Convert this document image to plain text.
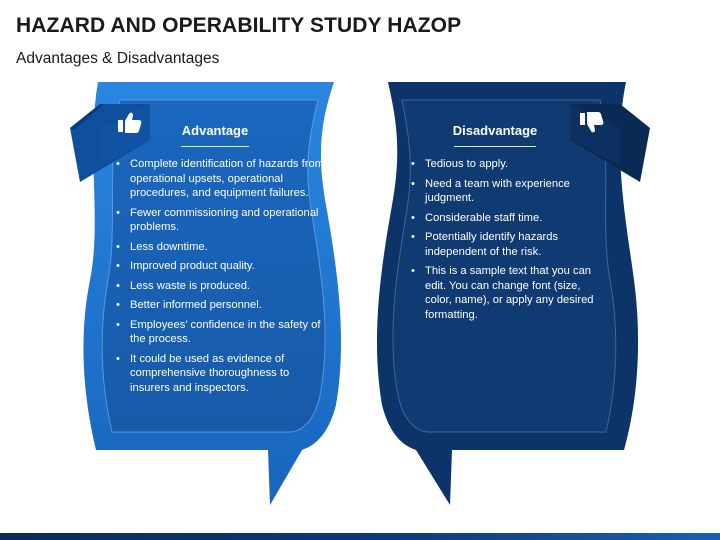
HAZARD AND OPERABILITY STUDY HAZOP
Advantages & Disadvantages
Advantage
• Complete identification of hazards from operational upsets, operational procedures, and equipment failures.
• Fewer commissioning and operational problems.
• Less downtime.
• Improved product quality.
• Less waste is produced.
• Better informed personnel.
• Employees’ confidence in the safety of the process.
• It could be used as evidence of comprehensive thoroughness to insurers and inspectors.
Disadvantage
• Tedious to apply.
• Need a team with experience judgment.
• Considerable staff time.
• Potentially identify hazards independent of the risk.
• This is a sample text that you can edit. You can change font (size, color, name), or apply any desired formatting.
